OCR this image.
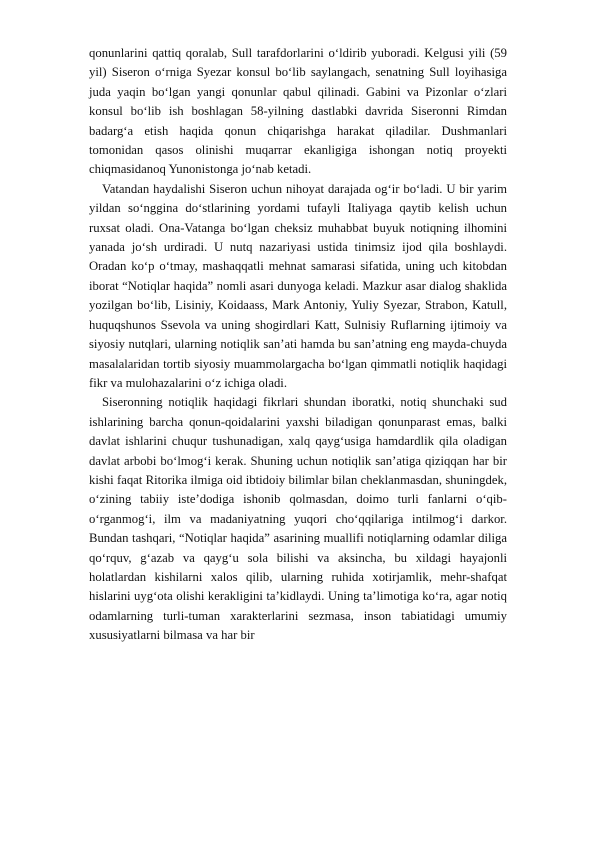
qonunlarini qattiq qoralab, Sull tarafdorlarini o‘ldirib yuboradi. Kelgusi yili (59 yil) Siseron o‘rniga Syezar konsul bo‘lib saylangach, senatning Sull loyihasiga juda yaqin bo‘lgan yangi qonunlar qabul qilinadi. Gabini va Pizonlar o‘zlari konsul bo‘lib ish boshlagan 58-yilning dastlabki davrida Siseronni Rimdan badarg‘a etish haqida qonun chiqarishga harakat qiladilar. Dushmanlari tomonidan qasos olinishi muqarrar ekanligiga ishongan notiq proyekti chiqmasidanoq Yunonistonga jo‘nab ketadi.

Vatandan haydalishi Siseron uchun nihoyat darajada og‘ir bo‘ladi. U bir yarim yildan so‘nggina do‘stlarining yordami tufayli Italiyaga qaytib kelish uchun ruxsat oladi. Ona-Vatanga bo‘lgan cheksiz muhabbat buyuk notiqning ilhomini yanada jo‘sh urdiradi. U nutq nazariyasi ustida tinimsiz ijod qila boshlaydi. Oradan ko‘p o‘tmay, mashaqqatli mehnat samarasi sifatida, uning uch kitobdan iborat “Notiqlar haqida” nomli asari dunyoga keladi. Mazkur asar dialog shaklida yozilgan bo‘lib, Lisiniy, Koidaass, Mark Antoniy, Yuliy Syezar, Strabon, Katull, huquqshunos Ssevola va uning shogirdlari Katt, Sulnisiy Ruflarning ijtimoiy va siyosiy nutqlari, ularning notiqlik san’ati hamda bu san’atning eng mayda-chuyda masalalaridan tortib siyosiy muammolargacha bo‘lgan qimmatli notiqlik haqidagi fikr va mulohazalarini o‘z ichiga oladi.

Siseronning notiqlik haqidagi fikrlari shundan iboratki, notiq shunchaki sud ishlarining barcha qonun-qoidalarini yaxshi biladigan qonunparast emas, balki davlat ishlarini chuqur tushunadigan, xalq qayg‘usiga hamdardlik qila oladigan davlat arbobi bo‘lmog‘i kerak. Shuning uchun notiqlik san’atiga qiziqqan har bir kishi faqat Ritorika ilmiga oid ibtidoiy bilimlar bilan cheklanmasdan, shuningdek, o‘zining tabiiy iste’dodiga ishonib qolmasdan, doimo turli fanlarni o‘qib-o‘rganmog‘i, ilm va madaniyatning yuqori cho‘qqilariga intilmog‘i darkor. Bundan tashqari, “Notiqlar haqida” asarining muallifi notiqlarning odamlar diliga qo‘rquv, g‘azab va qayg‘u sola bilishi va aksincha, bu xildagi hayajonli holatlardan kishilarni xalos qilib, ularning ruhida xotirjamlik, mehr-shafqat hislarini uyg‘ota olishi kerakligini ta’kidlaydi. Uning ta’limotiga ko‘ra, agar notiq odamlarning turli-tuman xarakterlarini sezmasa, inson tabiatidagi umumiy xususiyatlarni bilmasa va har bir
